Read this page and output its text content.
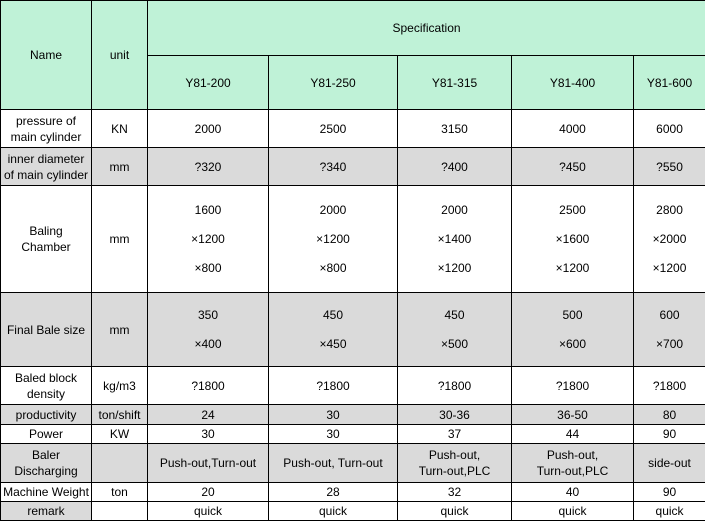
Name	unit	Specification				
		Y81-200	Y81-250	Y81-315	Y81-400	Y81-600

pressure of
main cylinder	KN	2000	2500	3150	4000	6000

inner diameter
of main cylinder	mm	?320	?340	?400	?450	?550

Baling
Chamber	mm	1600
×1200
×800	2000
×1200
×800	2000
×1400
×1200	2500
×1600
×1200	2800
×2000
×1200

Final Bale size	mm	350
×400	450
×450	450
×500	500
×600	600
×700

Baled block
density	kg/m3	?1800	?1800	?1800	?1800	?1800
productivity	ton/shift	24	30	30-36	36-50	80
Power	KW	30	30	37	44	90

Baler
Discharging		Push-out,Turn-out	Push-out, Turn-out	Push-out,
Turn-out,PLC	Push-out,
Turn-out,PLC	side-out

Machine Weight	ton	20	28	32	40	90
remark		quick	quick	quick	quick	quick
